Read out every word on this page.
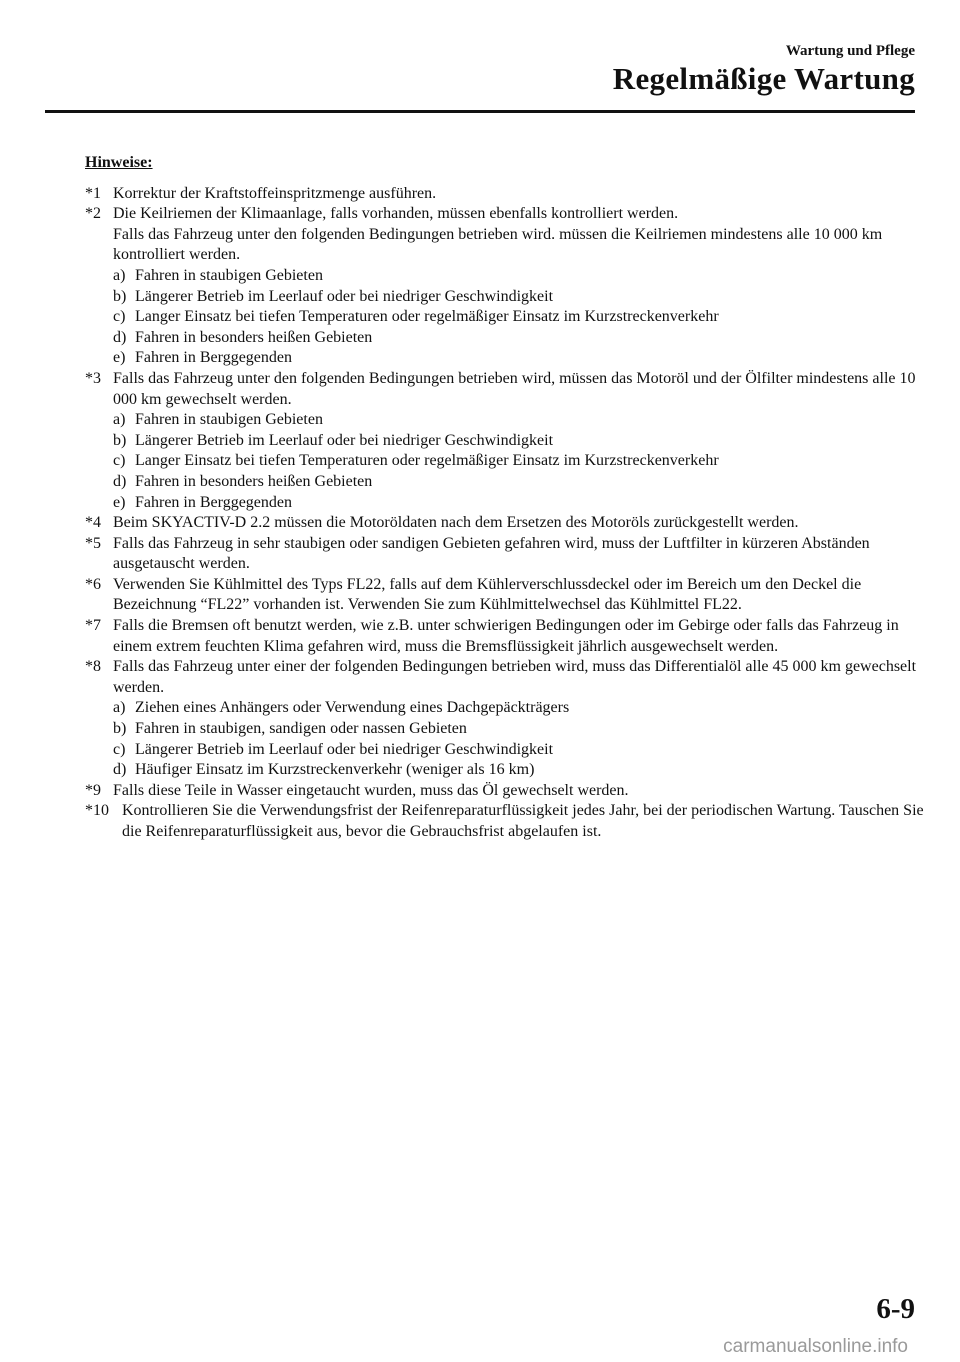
Wartung und Pflege
Regelmäßige Wartung
Hinweise:
*1 Korrektur der Kraftstoffeinspritzmenge ausführen.
*2 Die Keilriemen der Klimaanlage, falls vorhanden, müssen ebenfalls kontrolliert werden.
Falls das Fahrzeug unter den folgenden Bedingungen betrieben wird. müssen die Keilriemen mindestens alle 10 000 km kontrolliert werden.
a) Fahren in staubigen Gebieten
b) Längerer Betrieb im Leerlauf oder bei niedriger Geschwindigkeit
c) Langer Einsatz bei tiefen Temperaturen oder regelmäßiger Einsatz im Kurzstreckenverkehr
d) Fahren in besonders heißen Gebieten
e) Fahren in Berggegenden
*3 Falls das Fahrzeug unter den folgenden Bedingungen betrieben wird, müssen das Motoröl und der Ölfilter mindestens alle 10 000 km gewechselt werden.
a) Fahren in staubigen Gebieten
b) Längerer Betrieb im Leerlauf oder bei niedriger Geschwindigkeit
c) Langer Einsatz bei tiefen Temperaturen oder regelmäßiger Einsatz im Kurzstreckenverkehr
d) Fahren in besonders heißen Gebieten
e) Fahren in Berggegenden
*4 Beim SKYACTIV-D 2.2 müssen die Motoröldaten nach dem Ersetzen des Motoröls zurückgestellt werden.
*5 Falls das Fahrzeug in sehr staubigen oder sandigen Gebieten gefahren wird, muss der Luftfilter in kürzeren Abständen ausgetauscht werden.
*6 Verwenden Sie Kühlmittel des Typs FL22, falls auf dem Kühlerverschlussdeckel oder im Bereich um den Deckel die Bezeichnung “FL22” vorhanden ist. Verwenden Sie zum Kühlmittelwechsel das Kühlmittel FL22.
*7 Falls die Bremsen oft benutzt werden, wie z.B. unter schwierigen Bedingungen oder im Gebirge oder falls das Fahrzeug in einem extrem feuchten Klima gefahren wird, muss die Bremsflüssigkeit jährlich ausgewechselt werden.
*8 Falls das Fahrzeug unter einer der folgenden Bedingungen betrieben wird, muss das Differentialöl alle 45 000 km gewechselt werden.
a) Ziehen eines Anhängers oder Verwendung eines Dachgepäckträgers
b) Fahren in staubigen, sandigen oder nassen Gebieten
c) Längerer Betrieb im Leerlauf oder bei niedriger Geschwindigkeit
d) Häufiger Einsatz im Kurzstreckenverkehr (weniger als 16 km)
*9 Falls diese Teile in Wasser eingetaucht wurden, muss das Öl gewechselt werden.
*10 Kontrollieren Sie die Verwendungsfrist der Reifenreparaturflüssigkeit jedes Jahr, bei der periodischen Wartung. Tauschen Sie die Reifenreparaturflüssigkeit aus, bevor die Gebrauchsfrist abgelaufen ist.
6-9
carmanualsonline.info
